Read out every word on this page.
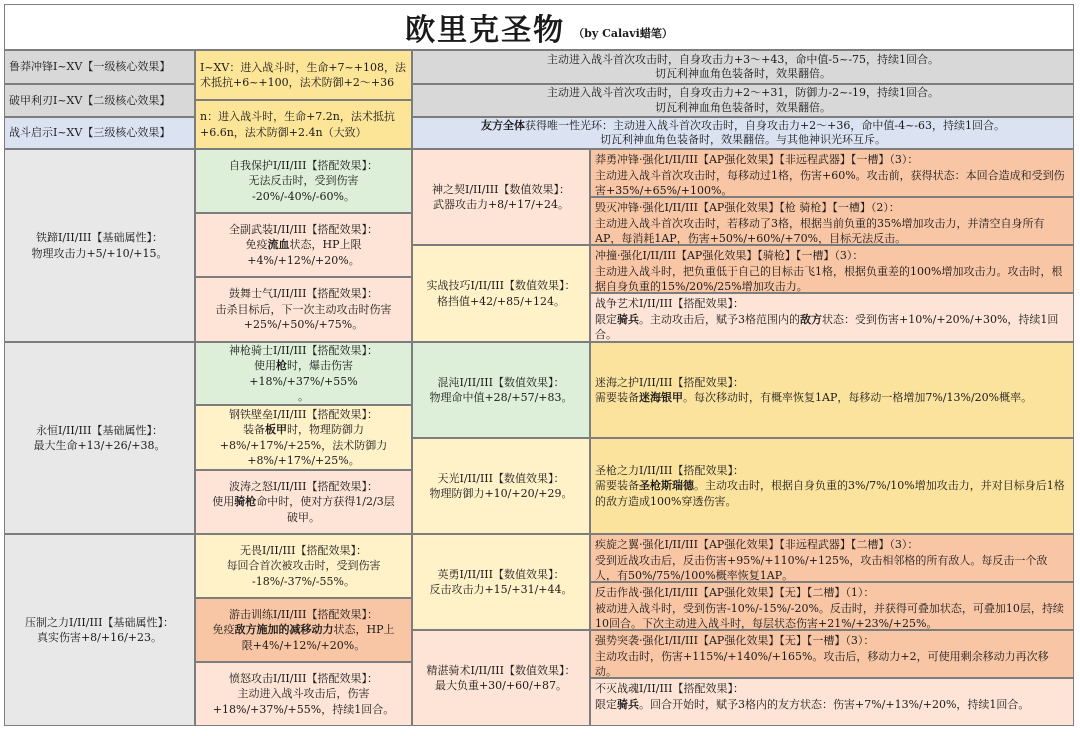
欧里克圣物 （by Calavi蜡笔）
鲁莽冲锋I~XV【一级核心效果】
破甲利刃I~XV【二级核心效果】
战斗启示I~XV【三级核心效果】
I~XV：进入战斗时，生命+7~+108，法术抵抗+6~+100，法术防御+2～+36
n：进入战斗时，生命+7.2n，法术抵抗+6.6n，法术防御+2.4n（大致）
主动进入战斗首次攻击时，自身攻击力+3～+43，命中值-5~-75，持续1回合。
切瓦利神血角色装备时，效果翻倍。
主动进入战斗首次攻击时，自身攻击力+2～+31，防御力-2~-19，持续1回合。
切瓦利神血角色装备时，效果翻倍。
友方全体获得唯一性光环：主动进入战斗首次攻击时，自身攻击力+2～+36，命中值-4~-63，持续1回合。
切瓦利神血角色装备时，效果翻倍。与其他神识光环互斥。
铁蹄I/II/III【基础属性】：
物理攻击力+5/+10/+15。
自我保护I/II/III【搭配效果】：
无法反击时，受到伤害
-20%/-40%/-60%。
全副武装I/II/III【搭配效果】：
免疫流血状态，HP上限
+4%/+12%/+20%。
鼓舞士气I/II/III【搭配效果】：
击杀目标后，下一次主动攻击时伤害
+25%/+50%/+75%。
神之契I/II/III【数值效果】：
武器攻击力+8/+17/+24。
实战技巧I/II/III【数值效果】：
格挡值+42/+85/+124。
莽勇冲锋·强化I/II/III【AP强化效果】【非远程武器】【一槽】（3）：
主动进入战斗首次攻击时，每移动过1格，伤害+60%。攻击前，获得状态：本回合造成和受到伤害+35%/+65%/+100%。
毁灭冲锋·强化I/II/III【AP强化效果】【枪 骑枪】【一槽】（2）：
主动进入战斗首次攻击时，若移动了3格，根据当前负重的35%增加攻击力，并清空自身所有AP，每消耗1AP，伤害+50%/+60%/+70%，目标无法反击。
冲撞·强化I/II/III【AP强化效果】【骑枪】【一槽】（3）：
主动进入战斗时，把负重低于自己的目标击飞1格，根据负重差的100%增加攻击力。攻击时，根据自身负重的15%/20%/25%增加攻击力。
战争艺术I/II/III【搭配效果】：
限定骑兵。主动攻击后，赋予3格范围内的敌方状态：受到伤害+10%/+20%/+30%，持续1回合。
永恒I/II/III【基础属性】：
最大生命+13/+26/+38。
神枪骑士I/II/III【搭配效果】：
使用枪时，爆击伤害+18%/+37%/+55%
。
钢铁壁垒I/II/III【搭配效果】：
装备板甲时，物理防御力
+8%/+17%/+25%，法术防御力
+8%/+17%/+25%。
波涛之怒I/II/III【搭配效果】：
使用骑枪命中时，使对方获得1/2/3层
破甲。
混沌I/II/III【数值效果】：
物理命中值+28/+57/+83。
天光I/II/III【数值效果】：
物理防御力+10/+20/+29。
迷海之护I/II/III【搭配效果】：
需要装备迷海银甲。每次移动时，有概率恢复1AP，每移动一格增加7%/13%/20%概率。
圣枪之力I/II/III【搭配效果】：
需要装备圣枪斯瑞德。主动攻击时，根据自身负重的3%/7%/10%增加攻击力，并对目标身后1格的敌方造成100%穿透伤害。
压制之力I/II/III【基础属性】：
真实伤害+8/+16/+23。
无畏I/II/III【搭配效果】：
每回合首次被攻击时，受到伤害
-18%/-37%/-55%。
游击训练I/II/III【搭配效果】：
免疫敌方施加的减移动力状态，HP上
限+4%/+12%/+20%。
愤怒攻击I/II/III【搭配效果】：
主动进入战斗攻击后，伤害
+18%/+37%/+55%，持续1回合。
英勇I/II/III【数值效果】：
反击攻击力+15/+31/+44。
精湛骑术I/II/III【数值效果】：
最大负重+30/+60/+87。
疾旋之翼·强化I/II/III【AP强化效果】【非远程武器】【二槽】（3）：
受到近战攻击后，反击伤害+95%/+110%/+125%，攻击相邻格的所有敌人。每反击一个敌人，有50%/75%/100%概率恢复1AP。
反击作战·强化I/II/III【AP强化效果】【无】【二槽】（1）：
被动进入战斗时，受到伤害-10%/-15%/-20%。反击时，并获得可叠加状态，可叠加10层，持续10回合。下次主动进入战斗时，每层状态伤害+21%/+23%/+25%。
强势突袭·强化I/II/III【AP强化效果】【无】【一槽】（3）：
主动攻击时，伤害+115%/+140%/+165%。攻击后，移动力+2，可使用剩余移动力再次移动。
不灭战魂I/II/III【搭配效果】：
限定骑兵。回合开始时，赋予3格内的友方状态：伤害+7%/+13%/+20%，持续1回合。
